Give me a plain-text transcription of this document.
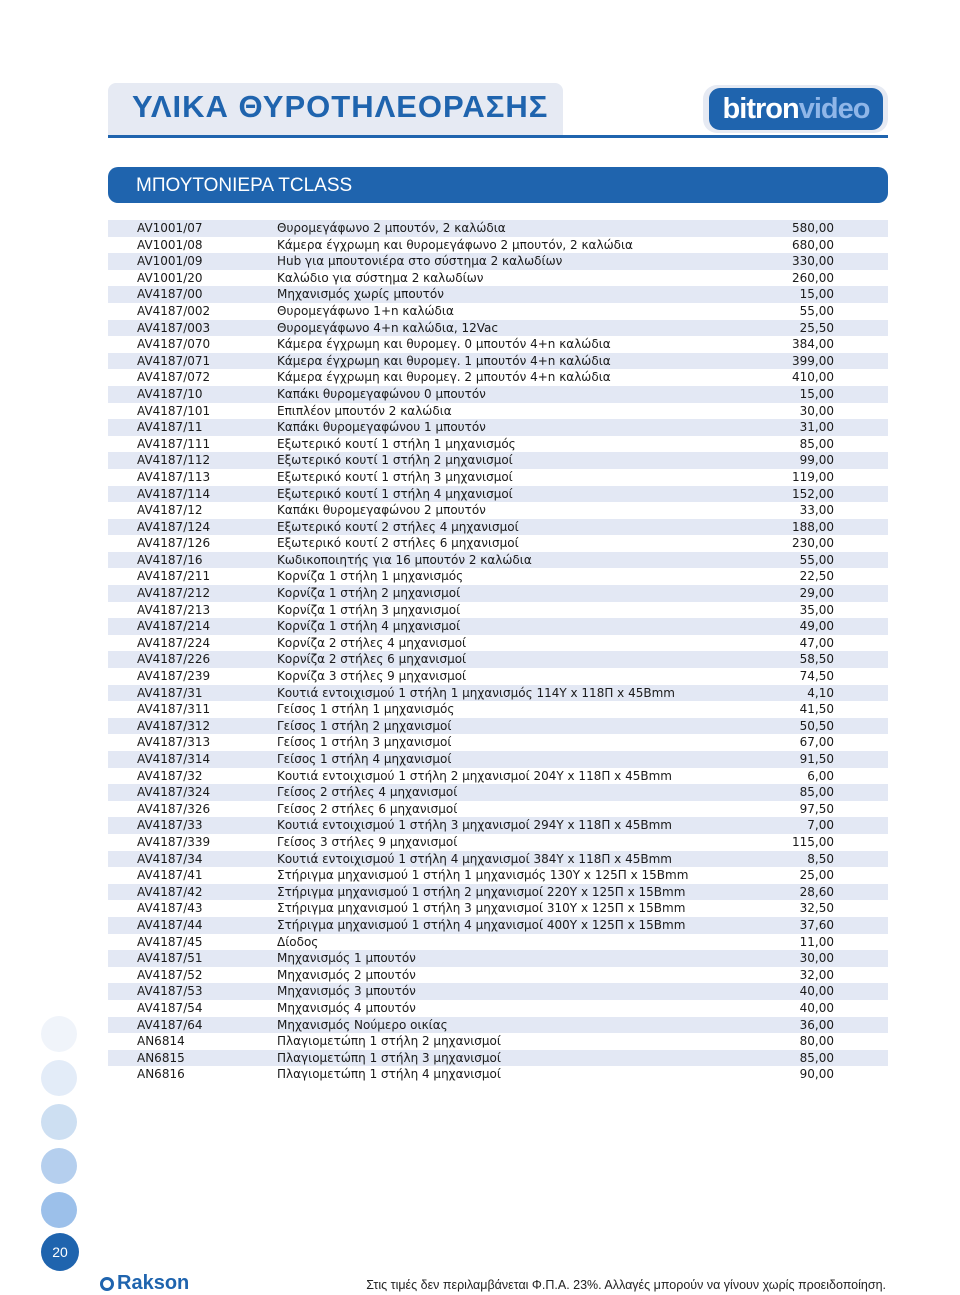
ΥΛΙΚΑ ΘΥΡΟΤΗΛΕΟΡΑΣΗΣ	bitronvideo
ΜΠΟΥΤΟΝΙΕΡΑ TCLASS
AV1001/07	Θυρομεγάφωνο 2 μπουτόν, 2 καλώδια	580,00
AV1001/08	Κάμερα έγχρωμη και θυρομεγάφωνο 2 μπουτόν, 2 καλώδια	680,00
AV1001/09	Hub για μπουτονιέρα στο σύστημα 2 καλωδίων	330,00
AV1001/20	Καλώδιο για σύστημα 2 καλωδίων	260,00
AV4187/00	Μηχανισμός χωρίς μπουτόν	15,00
AV4187/002	Θυρομεγάφωνο 1+n καλώδια	55,00
AV4187/003	Θυρομεγάφωνο 4+n καλώδια, 12Vac	25,50
AV4187/070	Κάμερα έγχρωμη και θυρομεγ. 0 μπουτόν 4+n καλώδια	384,00
AV4187/071	Κάμερα έγχρωμη και θυρομεγ. 1 μπουτόν 4+n καλώδια	399,00
AV4187/072	Κάμερα έγχρωμη και θυρομεγ. 2 μπουτόν 4+n καλώδια	410,00
AV4187/10	Καπάκι θυρομεγαφώνου 0 μπουτόν	15,00
AV4187/101	Επιπλέον μπουτόν 2 καλώδια	30,00
AV4187/11	Καπάκι θυρομεγαφώνου 1 μπουτόν	31,00
AV4187/111	Εξωτερικό κουτί 1 στήλη 1 μηχανισμός	85,00
AV4187/112	Εξωτερικό κουτί 1 στήλη 2 μηχανισμοί	99,00
AV4187/113	Εξωτερικό κουτί 1 στήλη 3 μηχανισμοί	119,00
AV4187/114	Εξωτερικό κουτί 1 στήλη 4 μηχανισμοί	152,00
AV4187/12	Καπάκι θυρομεγαφώνου 2 μπουτόν	33,00
AV4187/124	Εξωτερικό κουτί 2 στήλες 4 μηχανισμοί	188,00
AV4187/126	Εξωτερικό κουτί 2 στήλες 6 μηχανισμοί	230,00
AV4187/16	Κωδικοποιητής για 16 μπουτόν 2 καλώδια	55,00
AV4187/211	Κορνίζα 1 στήλη 1 μηχανισμός	22,50
AV4187/212	Κορνίζα 1 στήλη 2 μηχανισμοί	29,00
AV4187/213	Κορνίζα 1 στήλη 3 μηχανισμοί	35,00
AV4187/214	Κορνίζα 1 στήλη 4 μηχανισμοί	49,00
AV4187/224	Κορνίζα 2 στήλες 4 μηχανισμοί	47,00
AV4187/226	Κορνίζα 2 στήλες 6 μηχανισμοί	58,50
AV4187/239	Κορνίζα 3 στήλες 9 μηχανισμοί	74,50
AV4187/31	Κουτιά εντοιχισμού 1 στήλη 1 μηχανισμός 114Y x 118Π x 45Βmm	4,10
AV4187/311	Γείσος 1 στήλη 1 μηχανισμός	41,50
AV4187/312	Γείσος 1 στήλη 2 μηχανισμοί	50,50
AV4187/313	Γείσος 1 στήλη 3 μηχανισμοί	67,00
AV4187/314	Γείσος 1 στήλη 4 μηχανισμοί	91,50
AV4187/32	Κουτιά εντοιχισμού 1 στήλη 2 μηχανισμοί 204Y x 118Π x 45Βmm	6,00
AV4187/324	Γείσος 2 στήλες 4 μηχανισμοί	85,00
AV4187/326	Γείσος 2 στήλες 6 μηχανισμοί	97,50
AV4187/33	Κουτιά εντοιχισμού 1 στήλη 3 μηχανισμοί 294Y x 118Π x 45Βmm	7,00
AV4187/339	Γείσος 3 στήλες 9 μηχανισμοί	115,00
AV4187/34	Κουτιά εντοιχισμού 1 στήλη 4 μηχανισμοί 384Y x 118Π x 45Βmm	8,50
AV4187/41	Στήριγμα μηχανισμού 1 στήλη 1 μηχανισμός 130Y x 125Π x 15Βmm	25,00
AV4187/42	Στήριγμα μηχανισμού 1 στήλη 2 μηχανισμοί 220Y x 125Π x 15Βmm	28,60
AV4187/43	Στήριγμα μηχανισμού 1 στήλη 3 μηχανισμοί 310Y x 125Π x 15Βmm	32,50
AV4187/44	Στήριγμα μηχανισμού 1 στήλη 4 μηχανισμοί 400Y x 125Π x 15Βmm	37,60
AV4187/45	Δίοδος	11,00
AV4187/51	Μηχανισμός 1 μπουτόν	30,00
AV4187/52	Μηχανισμός 2 μπουτόν	32,00
AV4187/53	Μηχανισμός 3 μπουτόν	40,00
AV4187/54	Μηχανισμός 4 μπουτόν	40,00
AV4187/64	Μηχανισμός Νούμερο οικίας	36,00
AN6814	Πλαγιομετώπη 1 στήλη 2 μηχανισμοί	80,00
AN6815	Πλαγιομετώπη 1 στήλη 3 μηχανισμοί	85,00
AN6816	Πλαγιομετώπη 1 στήλη 4 μηχανισμοί	90,00
20
Rakson	Στις τιμές δεν περιλαμβάνεται Φ.Π.Α. 23%. Αλλαγές μπορούν να γίνουν χωρίς προειδοποίηση.
